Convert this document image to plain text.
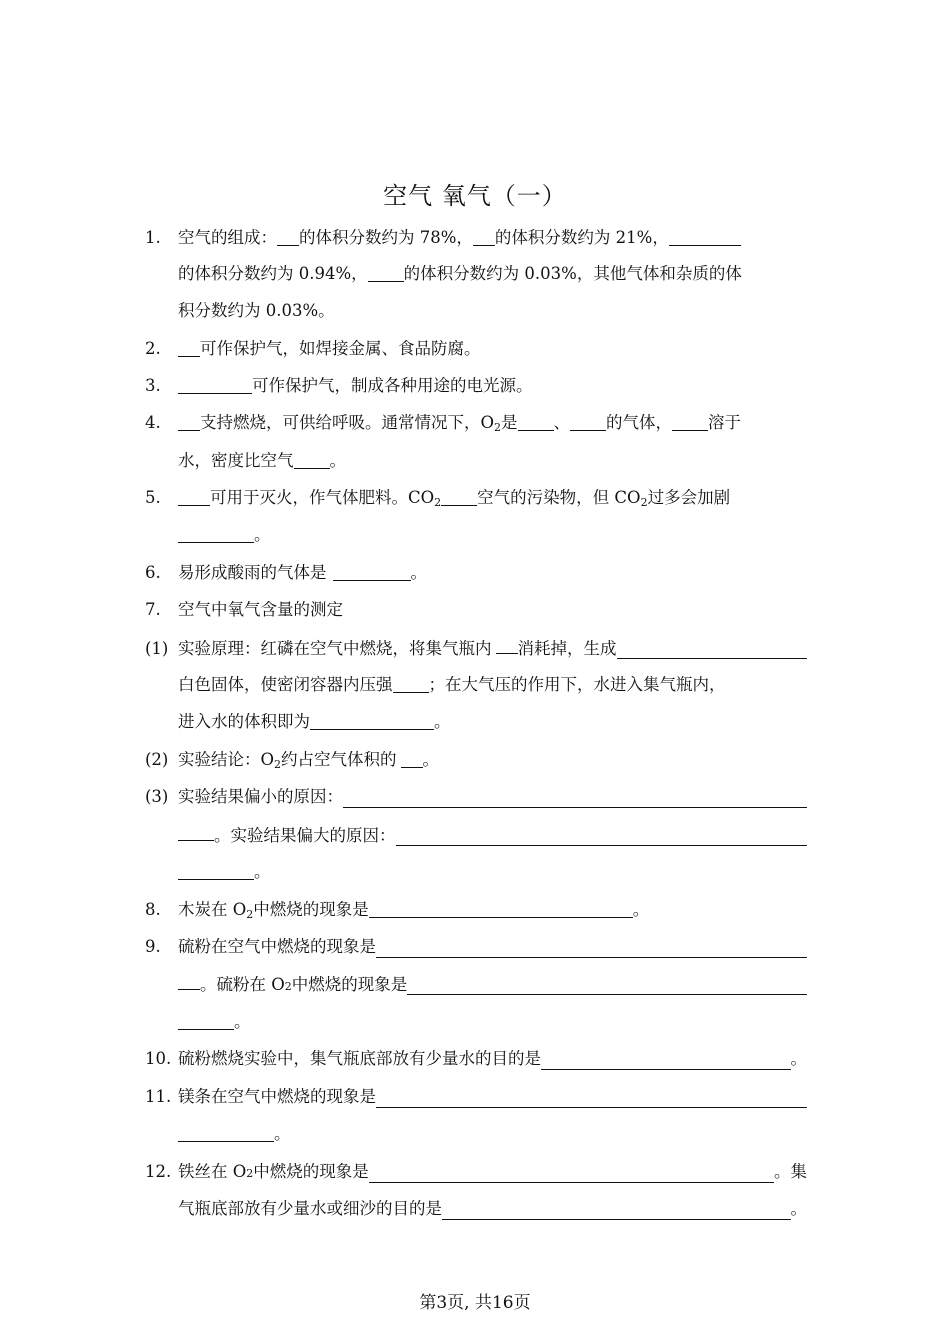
空气 氧气（一）
1. 空气的组成： 的体积分数约为 78%， 的体积分数约为 21%，
的体积分数约为 0.94%， 的体积分数约为 0.03%，其他气体和杂质的体
积分数约为 0.03%。
2. 可作保护气，如焊接金属、食品防腐。
3.	可作保护气，制成各种用途的电光源。
4. 支持燃烧，可供给呼吸。通常情况下，$O_2$是 、 的气体， 溶于
水，密度比空气 。
5.	可用于灭火，作气体肥料。$CO_2$ 空气的污染物，但 $CO_2$过多会加剧
。
6. 易形成酸雨的气体是	。
7. 空气中氧气含量的测定
(1) 实验原理：红磷在空气中燃烧，将集气瓶内 消耗掉，生成
白色固体，使密闭容器内压强 ；在大气压的作用下，水进入集气瓶内，
进入水的体积即为	。
(2) 实验结论：$O_2$约占空气体积的 。
(3) 实验结果偏小的原因：
。实验结果偏大的原因：
。
8. 木炭在 $O_2$中燃烧的现象是	。
9.	硫粉在空气中燃烧的现象是
。硫粉在 O 2 中燃烧的现象是
。
10. 硫粉燃烧实验中，集气瓶底部放有少量水的目的是	。
11. 镁条在空气中燃烧的现象是
。
12. 铁丝在 O 2 中燃烧的现象是	。集
气瓶底部放有少量水或细沙的目的是	。
第3页, 共16页
